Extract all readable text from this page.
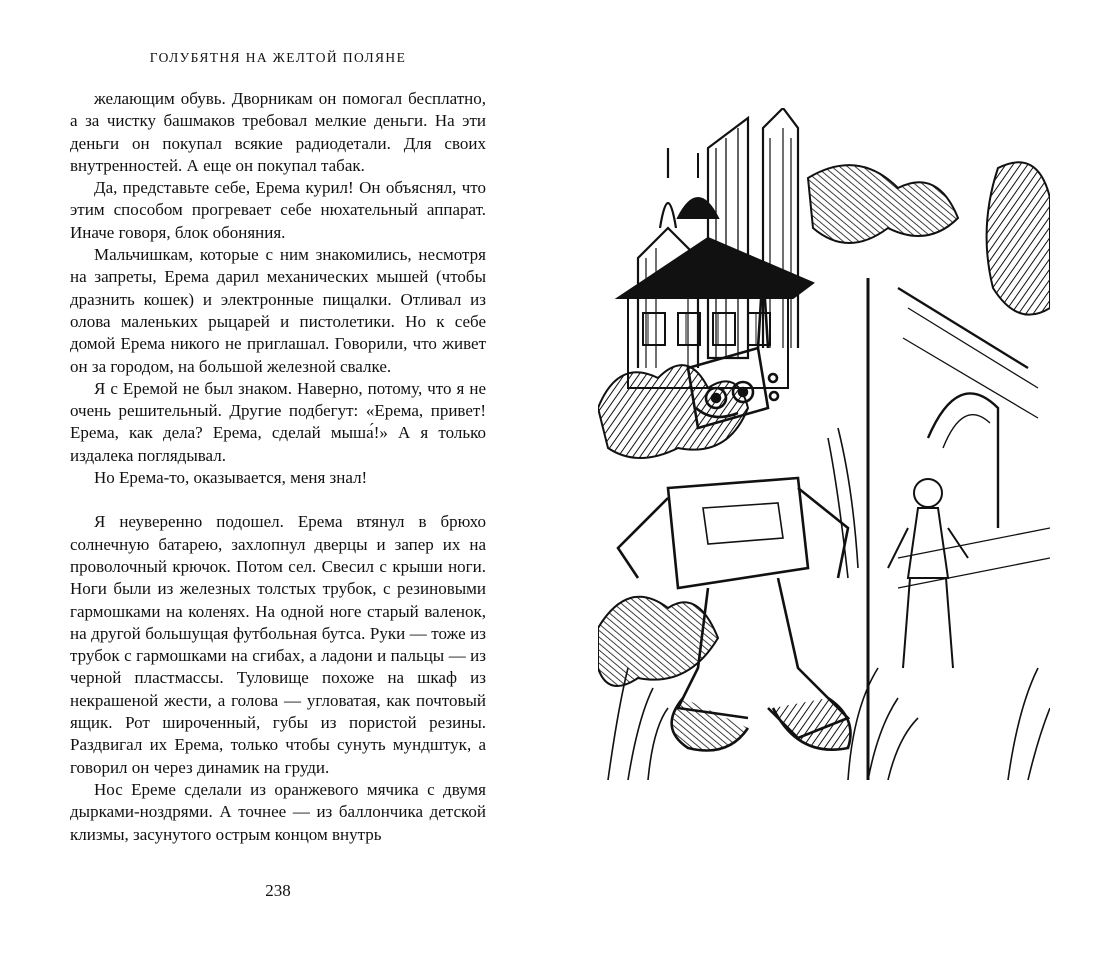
ГОЛУБЯТНЯ НА ЖЕЛТОЙ ПОЛЯНЕ

желающим обувь. Дворникам он помогал бесплатно, а за чистку башмаков требовал мелкие деньги. На эти деньги он покупал всякие радиодетали. Для своих внутренностей. А еще он покупал табак.

Да, представьте себе, Ерема курил! Он объяснял, что этим способом прогревает себе нюхательный аппарат. Иначе говоря, блок обоняния.

Мальчишкам, которые с ним знакомились, несмотря на запреты, Ерема дарил механических мышей (чтобы дразнить кошек) и электронные пищалки. Отливал из олова маленьких рыцарей и пистолетики. Но к себе домой Ерема никого не приглашал. Говорили, что живет он за городом, на большой железной свалке.

Я с Еремой не был знаком. Наверно, потому, что я не очень решительный. Другие подбегут: «Ерема, привет! Ерема, как дела? Ерема, сделай мыша́!» А я только издалека поглядывал.

Но Ерема-то, оказывается, меня знал!

Я неуверенно подошел. Ерема втянул в брюхо солнечную батарею, захлопнул дверцы и запер их на проволочный крючок. Потом сел. Свесил с крыши ноги. Ноги были из железных толстых трубок, с резиновыми гармошками на коленях. На одной ноге старый валенок, на другой большущая футбольная бутса. Руки — тоже из трубок с гармошками на сгибах, а ладони и пальцы — из черной пластмассы. Туловище похоже на шкаф из некрашеной жести, а голова — угловатая, как почтовый ящик. Рот широченный, губы из пористой резины. Раздвигал их Ерема, только чтобы сунуть мундштук, а говорил он через динамик на груди.

Нос Ереме сделали из оранжевого мячика с двумя дырками-ноздрями. А точнее — из баллончика детской клизмы, засунутого острым концом внутрь

238
